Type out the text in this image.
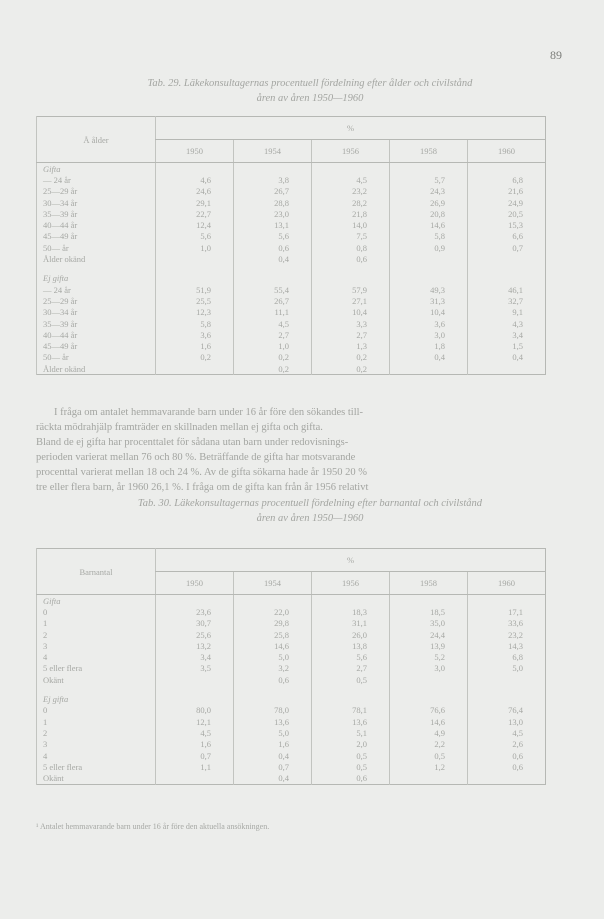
89
Tab. 29. Läkekonsultagernas procentuell fördelning efter ålder och civilstånd
åren av åren 1950—1960
Å ålder	%				
	1950	1954	1956	1958	1960
Gifta					
— 24 år	4,6	3,8	4,5	5,7	6,8
25—29 år	24,6	26,7	23,2	24,3	21,6
30—34 år	29,1	28,8	28,2	26,9	24,9
35—39 år	22,7	23,0	21,8	20,8	20,5
40—44 år	12,4	13,1	14,0	14,6	15,3
45—49 år	5,6	5,6	7,5	5,8	6,6
50— år	1,0	0,6	0,8	0,9	0,7
Ålder okänd		0,4	0,6		

Ej gifta					
— 24 år	51,9	55,4	57,9	49,3	46,1
25—29 år	25,5	26,7	27,1	31,3	32,7
30—34 år	12,3	11,1	10,4	10,4	9,1
35—39 år	5,8	4,5	3,3	3,6	4,3
40—44 år	3,6	2,7	2,7	3,0	3,4
45—49 år	1,6	1,0	1,3	1,8	1,5
50— år	0,2	0,2	0,2	0,4	0,4
Ålder okänd		0,2	0,2		
I fråga om antalet hemmavarande barn under 16 år före den sökandes till-
räckta mödrahjälp framträder en skillnaden mellan ej gifta och gifta.
Bland de ej gifta har procenttalet för sådana utan barn under redovisnings-
perioden varierat mellan 76 och 80 %. Beträffande de gifta har motsvarande
procenttal varierat mellan 18 och 24 %. Av de gifta sökarna hade år 1950 20 %
tre eller flera barn, år 1960 26,1 %. I fråga om de gifta kan från år 1956 relativt
Tab. 30. Läkekonsultagernas procentuell fördelning efter barnantal och civilstånd
åren av åren 1950—1960
Barnantal	%				
	1950	1954	1956	1958	1960
Gifta					
0	23,6	22,0	18,3	18,5	17,1
1	30,7	29,8	31,1	35,0	33,6
2	25,6	25,8	26,0	24,4	23,2
3	13,2	14,6	13,8	13,9	14,3
4	3,4	5,0	5,6	5,2	6,8
5 eller flera	3,5	3,2	2,7	3,0	5,0
Okänt		0,6	0,5		

Ej gifta					
0	80,0	78,0	78,1	76,6	76,4
1	12,1	13,6	13,6	14,6	13,0
2	4,5	5,0	5,1	4,9	4,5
3	1,6	1,6	2,0	2,2	2,6
4	0,7	0,4	0,5	0,5	0,6
5 eller flera	1,1	0,7	0,5	1,2	0,6
Okänt		0,4	0,6		
¹ Antalet hemmavarande barn under 16 år före den aktuella ansökningen.
